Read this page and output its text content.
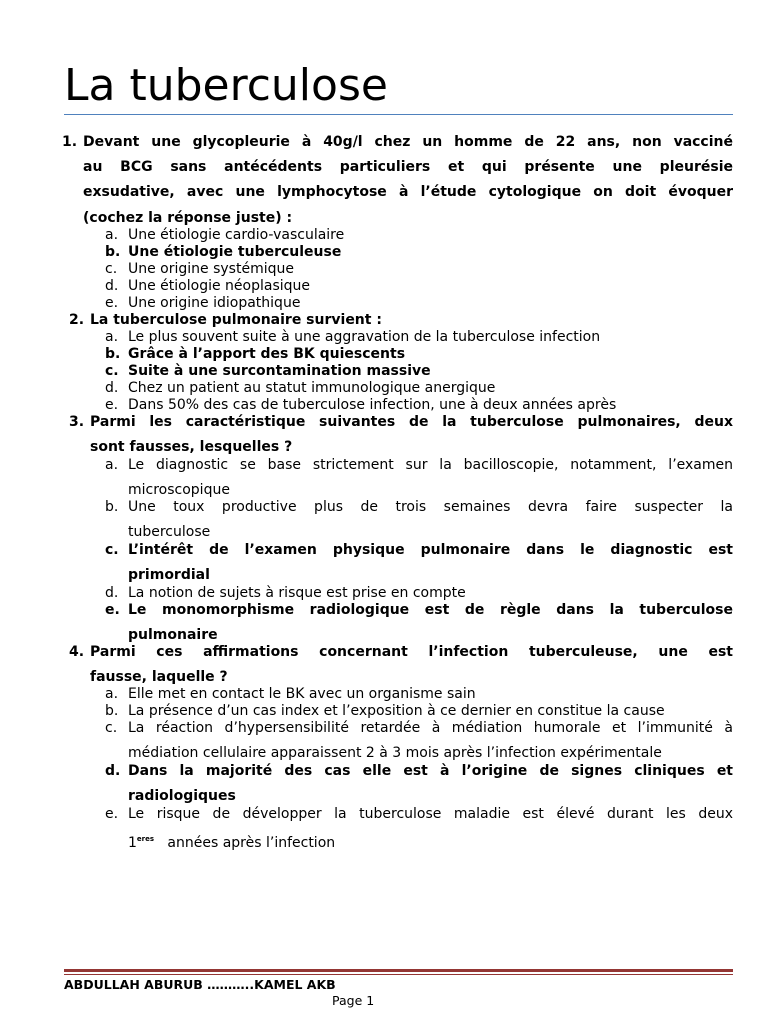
La tuberculose
1. Devant une glycopleurie à 40g/l chez un homme de 22 ans, non vacciné
au BCG sans antécédents particuliers et qui présente une pleurésie
exsudative, avec une lymphocytose à l’étude cytologique on doit évoquer
(cochez la réponse juste) :
a. Une étiologie cardio-vasculaire
b. Une étiologie tuberculeuse
c. Une origine systémique
d. Une étiologie néoplasique
e. Une origine idiopathique
2. La tuberculose pulmonaire survient :
a. Le plus souvent suite à une aggravation de la tuberculose infection
b. Grâce à l’apport des BK quiescents
c. Suite à une surcontamination massive
d. Chez un patient au statut immunologique anergique
e. Dans 50% des cas de tuberculose infection, une à deux années après
3. Parmi les caractéristique suivantes de la tuberculose pulmonaires, deux
sont fausses, lesquelles ?
a. Le diagnostic se base strictement sur la bacilloscopie, notamment, l’examen
microscopique
b. Une toux productive plus de trois semaines devra faire suspecter la
tuberculose
c. L’intérêt de l’examen physique pulmonaire dans le diagnostic est
primordial
d. La notion de sujets à risque est prise en compte
e. Le monomorphisme radiologique est de règle dans la tuberculose
pulmonaire
4. Parmi ces affirmations concernant l’infection tuberculeuse, une est
fausse, laquelle ?
a. Elle met en contact le BK avec un organisme sain
b. La présence d’un cas index et l’exposition à ce dernier en constitue la cause
c. La réaction d’hypersensibilité retardée à médiation humorale et l’immunité à
médiation cellulaire apparaissent 2 à 3 mois après l’infection expérimentale
d. Dans la majorité des cas elle est à l’origine de signes cliniques et
radiologiques
e. Le risque de développer la tuberculose maladie est élevé durant les deux
$1^{eres}$ années après l’infection
ABDULLAH ABURUB ………..KAMEL AKB
Page 1
